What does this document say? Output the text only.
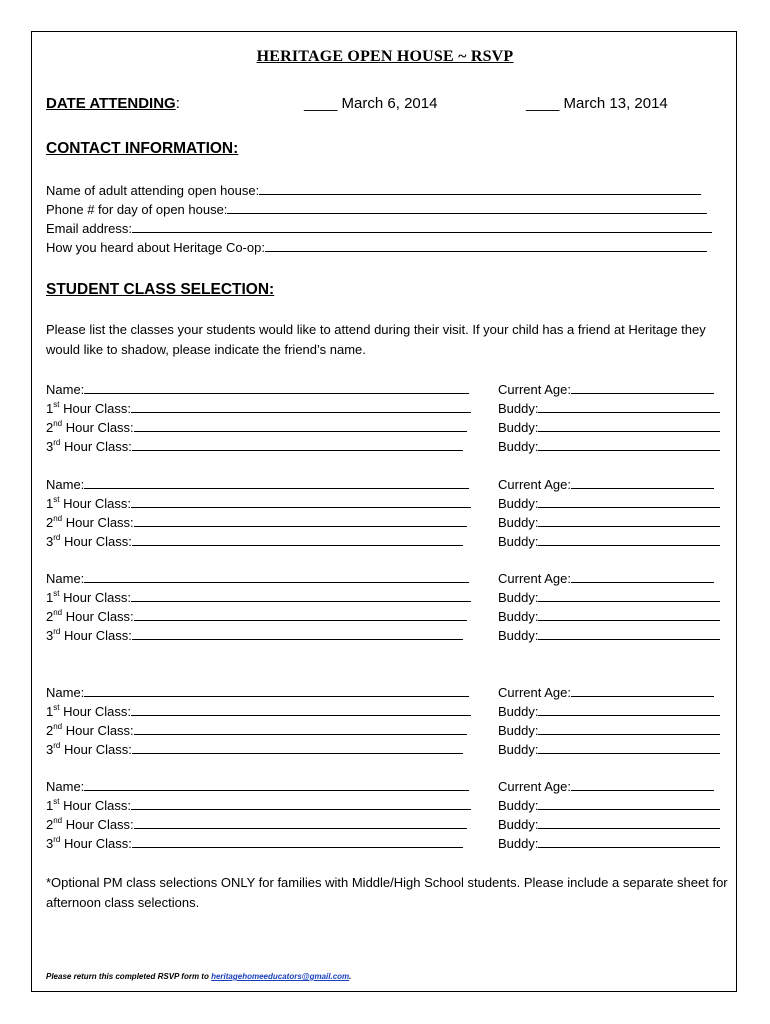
HERITAGE OPEN HOUSE ~ RSVP
DATE ATTENDING:	____ March 6, 2014	____ March 13, 2014
CONTACT INFORMATION:
Name of adult attending open house:
Phone # for day of open house:
Email address:
How you heard about Heritage Co-op:
STUDENT CLASS SELECTION:
Please list the classes your students would like to attend during their visit. If your child has a friend at Heritage they would like to shadow, please indicate the friend’s name.
Name:	Current Age:
1st Hour Class:	Buddy:
2nd Hour Class:	Buddy:
3rd Hour Class:	Buddy:
Name:	Current Age:
1st Hour Class:	Buddy:
2nd Hour Class:	Buddy:
3rd Hour Class:	Buddy:
Name:	Current Age:
1st Hour Class:	Buddy:
2nd Hour Class:	Buddy:
3rd Hour Class:	Buddy:
Name:	Current Age:
1st Hour Class:	Buddy:
2nd Hour Class:	Buddy:
3rd Hour Class:	Buddy:
Name:	Current Age:
1st Hour Class:	Buddy:
2nd Hour Class:	Buddy:
3rd Hour Class:	Buddy:
*Optional PM class selections ONLY for families with Middle/High School students. Please include a separate sheet for afternoon class selections.
Please return this completed RSVP form to heritagehomeeducators@gmail.com.
